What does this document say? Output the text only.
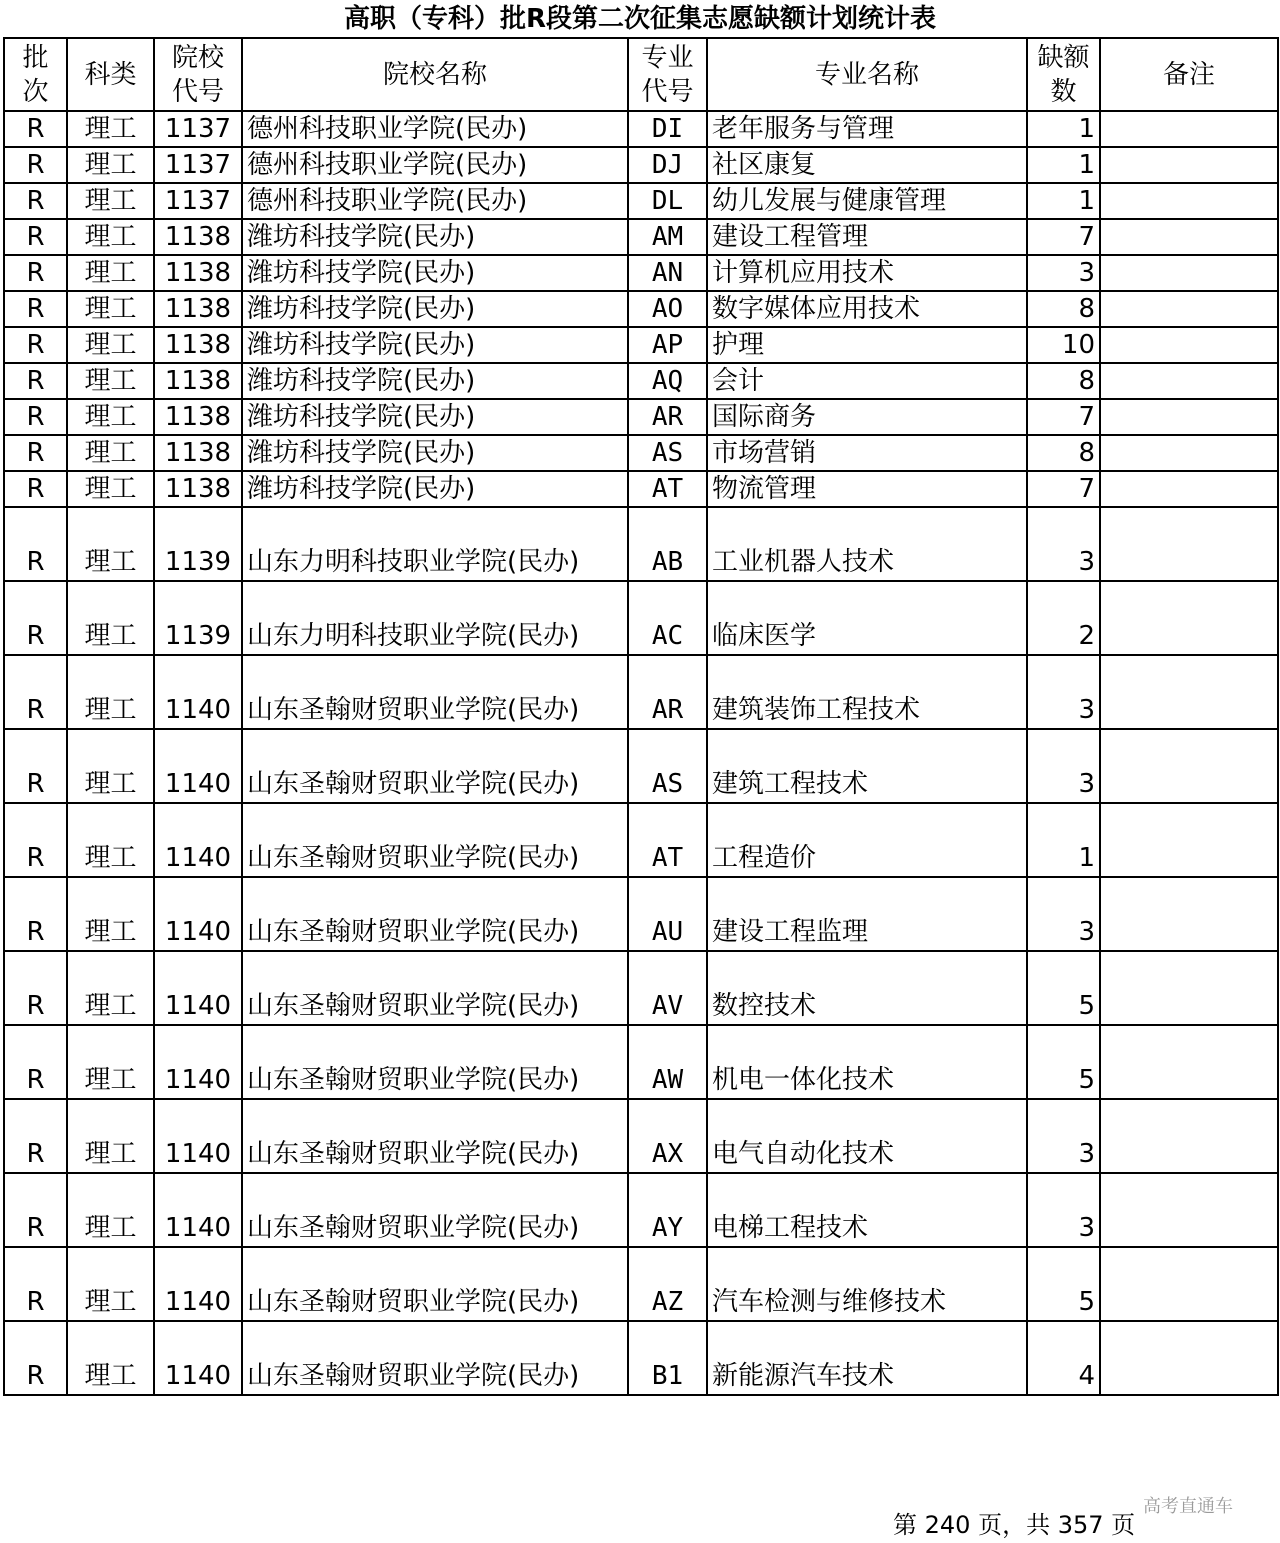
高职（专科）批R段第二次征集志愿缺额计划统计表
批次	科类	院校代号	院校名称	专业代号	专业名称	缺额数	备注
R	理工	1137	德州科技职业学院(民办)	DI	老年服务与管理	1	
R	理工	1137	德州科技职业学院(民办)	DJ	社区康复	1	
R	理工	1137	德州科技职业学院(民办)	DL	幼儿发展与健康管理	1	
R	理工	1138	潍坊科技学院(民办)	AM	建设工程管理	7	
R	理工	1138	潍坊科技学院(民办)	AN	计算机应用技术	3	
R	理工	1138	潍坊科技学院(民办)	AO	数字媒体应用技术	8	
R	理工	1138	潍坊科技学院(民办)	AP	护理	10	
R	理工	1138	潍坊科技学院(民办)	AQ	会计	8	
R	理工	1138	潍坊科技学院(民办)	AR	国际商务	7	
R	理工	1138	潍坊科技学院(民办)	AS	市场营销	8	
R	理工	1138	潍坊科技学院(民办)	AT	物流管理	7	
R	理工	1139	山东力明科技职业学院(民办)	AB	工业机器人技术	3	
R	理工	1139	山东力明科技职业学院(民办)	AC	临床医学	2	
R	理工	1140	山东圣翰财贸职业学院(民办)	AR	建筑装饰工程技术	3	
R	理工	1140	山东圣翰财贸职业学院(民办)	AS	建筑工程技术	3	
R	理工	1140	山东圣翰财贸职业学院(民办)	AT	工程造价	1	
R	理工	1140	山东圣翰财贸职业学院(民办)	AU	建设工程监理	3	
R	理工	1140	山东圣翰财贸职业学院(民办)	AV	数控技术	5	
R	理工	1140	山东圣翰财贸职业学院(民办)	AW	机电一体化技术	5	
R	理工	1140	山东圣翰财贸职业学院(民办)	AX	电气自动化技术	3	
R	理工	1140	山东圣翰财贸职业学院(民办)	AY	电梯工程技术	3	
R	理工	1140	山东圣翰财贸职业学院(民办)	AZ	汽车检测与维修技术	5	
R	理工	1140	山东圣翰财贸职业学院(民办)	B1	新能源汽车技术	4	
高考直通车
第 240 页，共 357 页
